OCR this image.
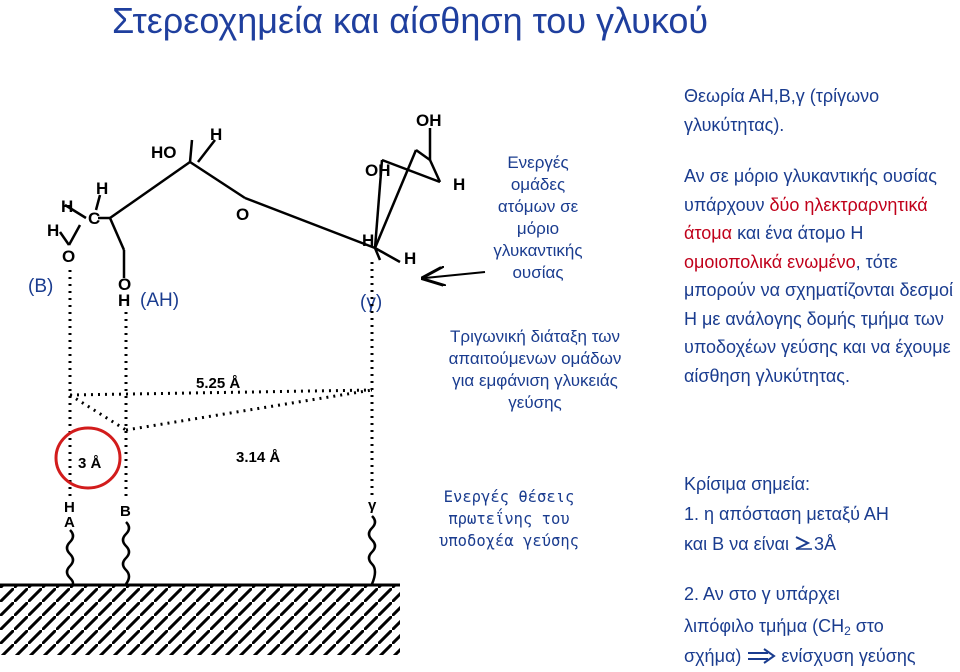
Στερεοχημεία και αίσθηση του γλυκού
H
HO
OH
OH
H
H
C
H
H
O
H
O
O
H
H
(B)
(AH)	(γ)
5.25 Å
3.14 Å
3 Å
H
A
B	γ
Ενεργές ομάδες ατόμων σε μόριο γλυκαντικής ουσίας
Τριγωνική διάταξη των απαιτούμενων ομάδων για εμφάνιση γλυκειάς γεύσης
Ενεργές θέσεις πρωτεΐνης του υποδοχέα γεύσης
Θεωρία ΑΗ,Β,γ (τρίγωνο γλυκύτητας).
Αν σε μόριο γλυκαντικής ουσίας υπάρχουν δύο ηλεκτραρνητικά άτομα και ένα άτομο Η ομοιοπολικά ενωμένο, τότε μπορούν να σχηματίζονται δεσμοί Η με ανάλογης δομής τμήμα των υποδοχέων γεύσης και να έχουμε αίσθηση γλυκύτητας.
Κρίσιμα σημεία:
1. η απόσταση μεταξύ ΑΗ
και Β να είναι 3Å
2. Αν στο γ υπάρχει
λιπόφιλο τμήμα ($CH_2$ στο
σχήμα)  ενίσχυση γεύσης
